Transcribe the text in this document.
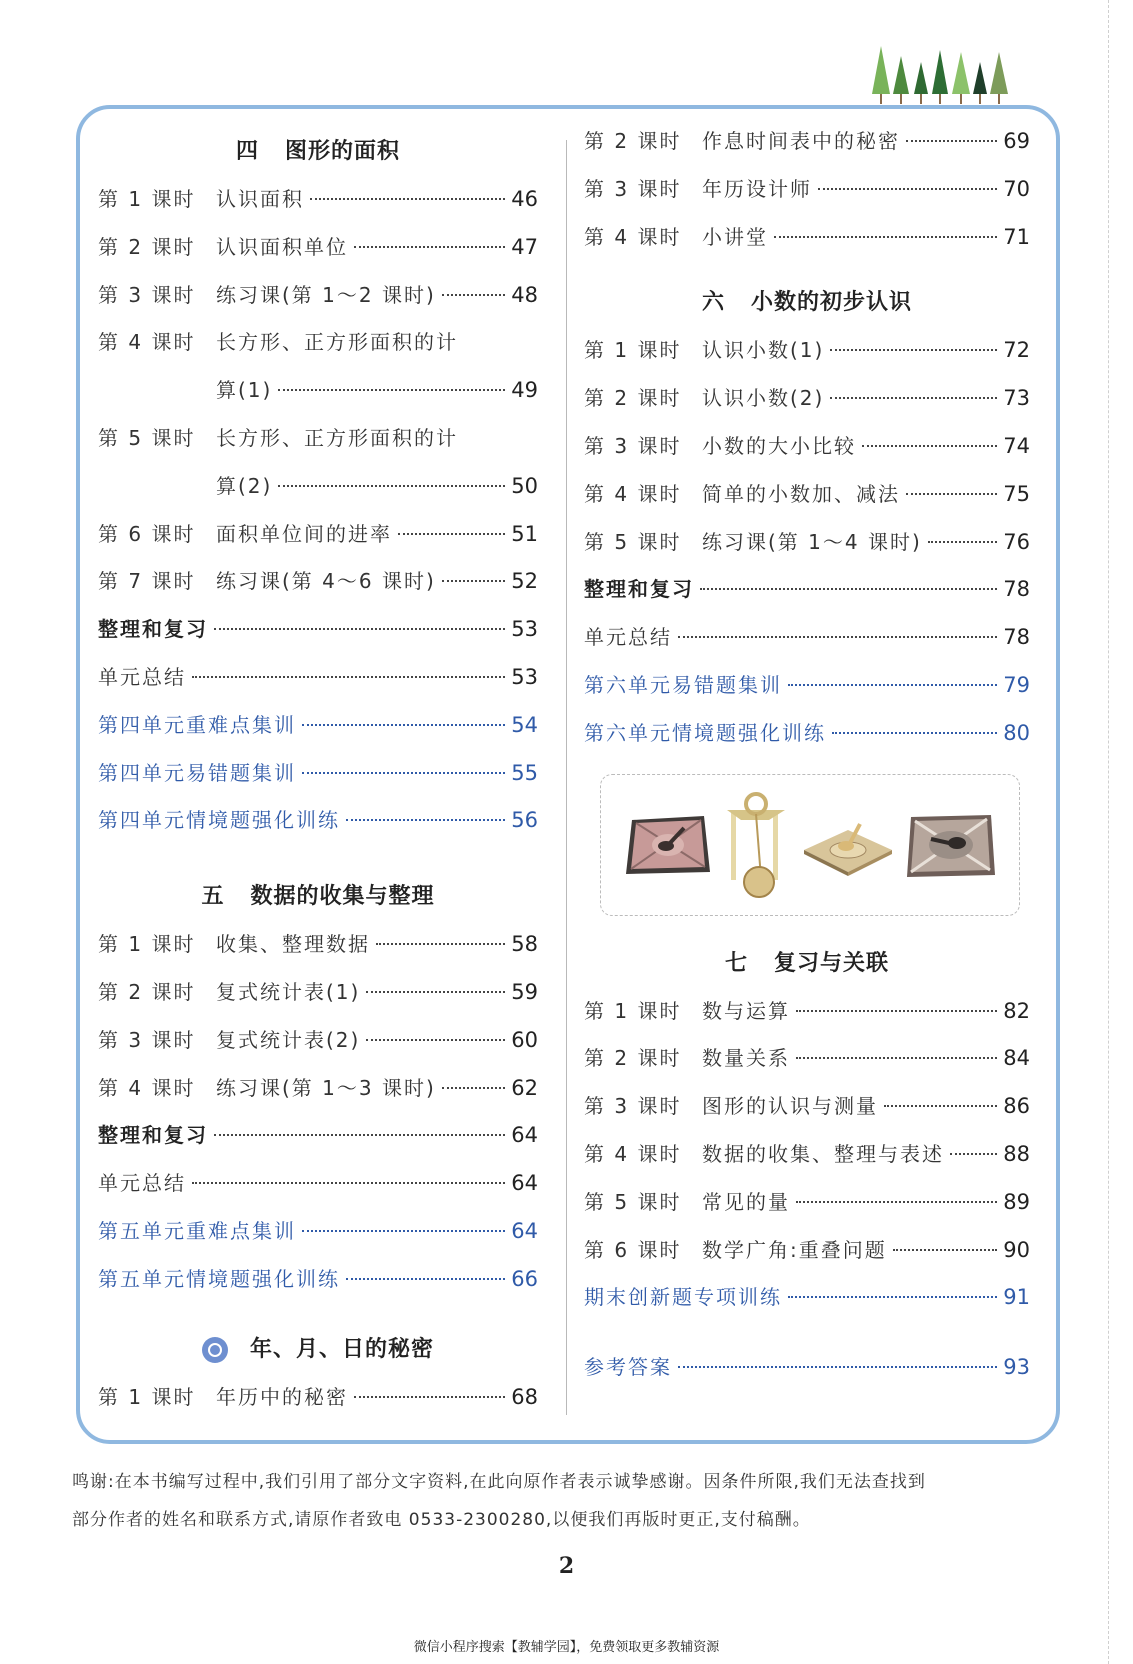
四 图形的面积
第 1 课时	认识面积	46
第 2 课时	认识面积单位	47
第 3 课时	练习课(第 1～2 课时)	48
第 4 课时	长方形、正方形面积的计
算(1)	49
第 5 课时	长方形、正方形面积的计
算(2)	50
第 6 课时	面积单位间的进率	51
第 7 课时	练习课(第 4～6 课时)	52
整理和复习	53
单元总结	53
第四单元重难点集训	54
第四单元易错题集训	55
第四单元情境题强化训练	56
五 数据的收集与整理
第 1 课时	收集、整理数据	58
第 2 课时	复式统计表(1)	59
第 3 课时	复式统计表(2)	60
第 4 课时	练习课(第 1～3 课时)	62
整理和复习	64
单元总结	64
第五单元重难点集训	64
第五单元情境题强化训练	66
年、月、日的秘密
第 1 课时	年历中的秘密	68
第 2 课时	作息时间表中的秘密	69
第 3 课时	年历设计师	70
第 4 课时	小讲堂	71
六 小数的初步认识
第 1 课时	认识小数(1)	72
第 2 课时	认识小数(2)	73
第 3 课时	小数的大小比较	74
第 4 课时	简单的小数加、减法	75
第 5 课时	练习课(第 1～4 课时)	76
整理和复习	78
单元总结	78
第六单元易错题集训	79
第六单元情境题强化训练	80
七 复习与关联
第 1 课时	数与运算	82
第 2 课时	数量关系	84
第 3 课时	图形的认识与测量	86
第 4 课时	数据的收集、整理与表述	88
第 5 课时	常见的量	89
第 6 课时	数学广角:重叠问题	90
期末创新题专项训练	91
参考答案	93
鸣谢:在本书编写过程中,我们引用了部分文字资料,在此向原作者表示诚挚感谢。因条件所限,我们无法查找到
部分作者的姓名和联系方式,请原作者致电 0533-2300280,以便我们再版时更正,支付稿酬。
2
微信小程序搜索【教辅学园】，免费领取更多教辅资源
